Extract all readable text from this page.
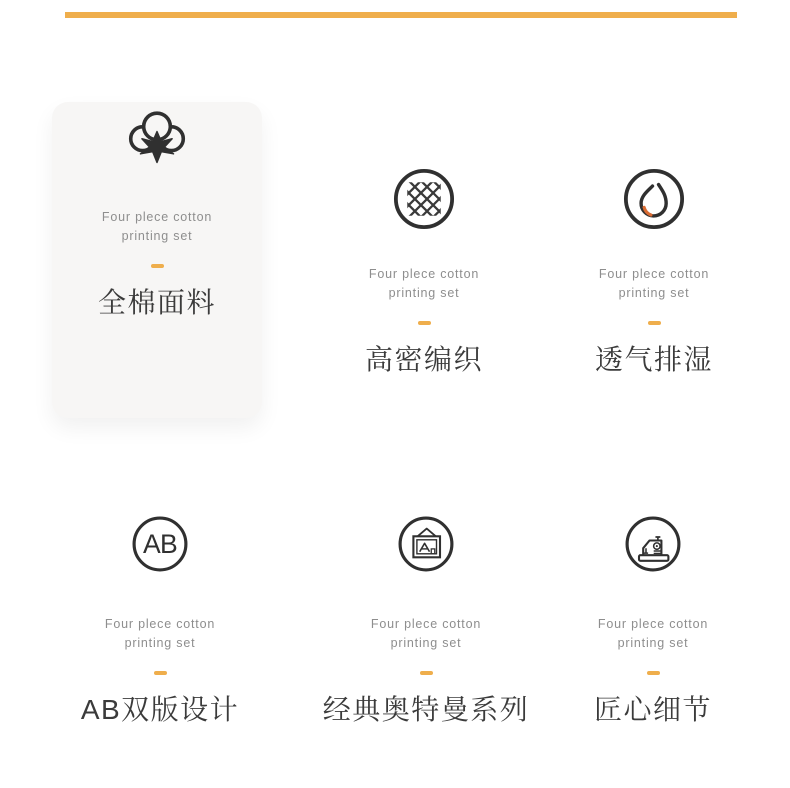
Four plece cotton
printing set

全棉面料

Four plece cotton
printing set

高密编织

Four plece cotton
printing set

透气排湿
AB

Four plece cotton
printing set

AB双版设计

Four plece cotton
printing set

经典奥特曼系列

Four plece cotton
printing set

匠心细节
